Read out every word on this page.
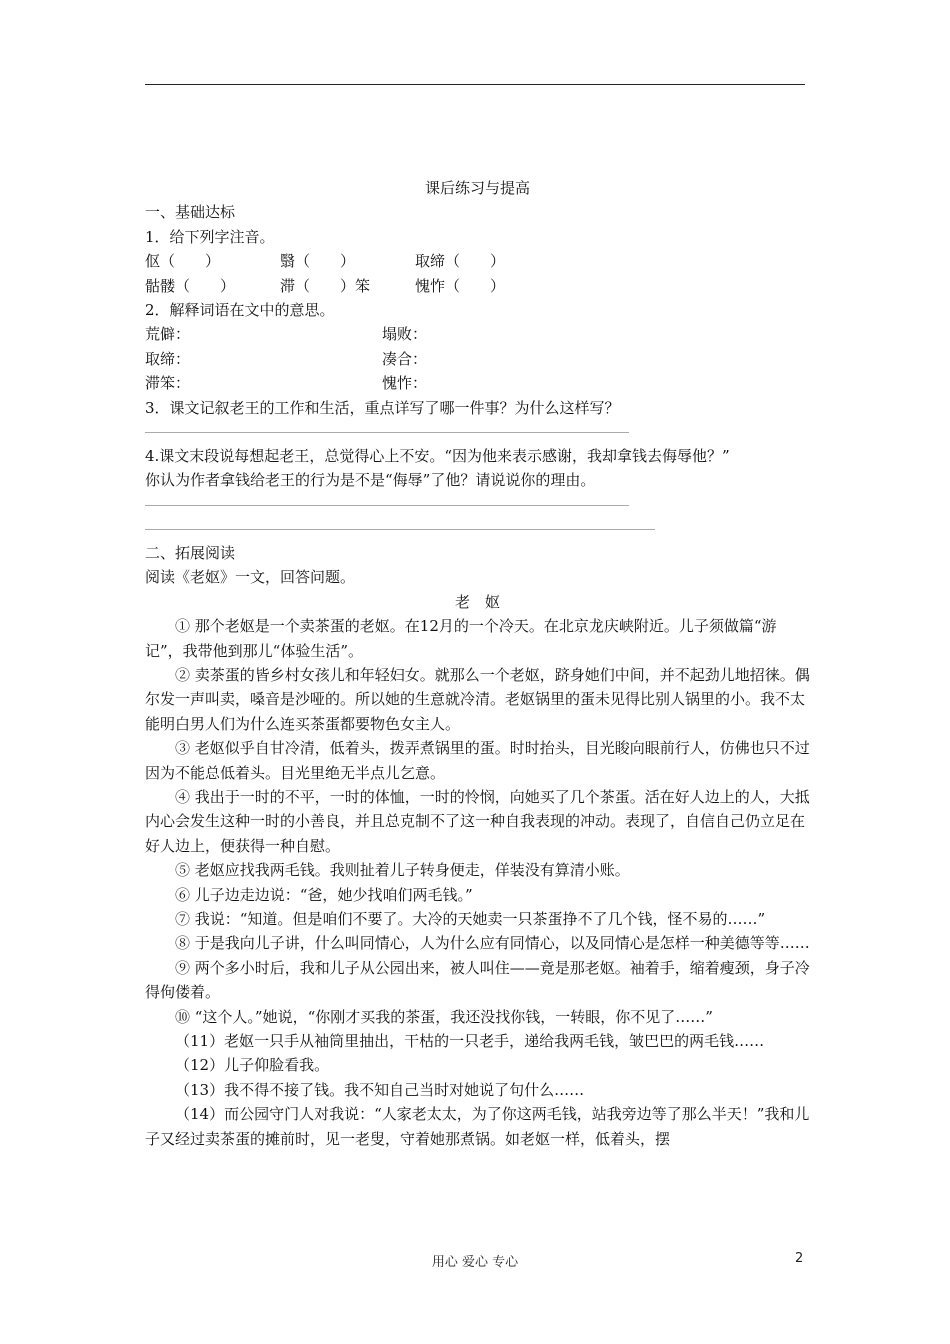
课后练习与提高
一、基础达标
1．给下列字注音。
伛（　　）	翳（　　）	取缔（　　）
骷髅（　　）	滞（　　）笨	愧怍（　　）
2．解释词语在文中的意思。
荒僻：	塌败：
取缔：	凑合：
滞笨：	愧怍：
3．课文记叙老王的工作和生活，重点详写了哪一件事？为什么这样写？
4.课文末段说每想起老王，总觉得心上不安。“因为他来表示感谢，我却拿钱去侮辱他？”
你认为作者拿钱给老王的行为是不是“侮辱”了他？请说说你的理由。
二、拓展阅读
阅读《老妪》一文，回答问题。
老　妪
① 那个老妪是一个卖茶蛋的老妪。在12月的一个冷天。在北京龙庆峡附近。儿子须做篇“游记”，我带他到那儿“体验生活”。
② 卖茶蛋的皆乡村女孩儿和年轻妇女。就那么一个老妪，跻身她们中间，并不起劲儿地招徕。偶尔发一声叫卖，嗓音是沙哑的。所以她的生意就冷清。老妪锅里的蛋未见得比别人锅里的小。我不太能明白男人们为什么连买茶蛋都要物色女主人。
③ 老妪似乎自甘冷清，低着头，拨弄煮锅里的蛋。时时抬头，目光睃向眼前行人，仿佛也只不过因为不能总低着头。目光里绝无半点儿乞意。
④ 我出于一时的不平，一时的体恤，一时的怜悯，向她买了几个茶蛋。活在好人边上的人，大抵内心会发生这种一时的小善良，并且总克制不了这一种自我表现的冲动。表现了，自信自己仍立足在好人边上，便获得一种自慰。
⑤ 老妪应找我两毛钱。我则扯着儿子转身便走，佯装没有算清小账。
⑥ 儿子边走边说：“爸，她少找咱们两毛钱。”
⑦ 我说：“知道。但是咱们不要了。大冷的天她卖一只茶蛋挣不了几个钱，怪不易的……”
⑧ 于是我向儿子讲，什么叫同情心，人为什么应有同情心，以及同情心是怎样一种美德等等……
⑨ 两个多小时后，我和儿子从公园出来，被人叫住——竟是那老妪。袖着手，缩着瘦颈，身子冷得佝偻着。
⑩ “这个人。”她说，“你刚才买我的茶蛋，我还没找你钱，一转眼，你不见了……”
（11）老妪一只手从袖筒里抽出，干枯的一只老手，递给我两毛钱，皱巴巴的两毛钱……
（12）儿子仰脸看我。
（13）我不得不接了钱。我不知自己当时对她说了句什么……
（14）而公园守门人对我说：“人家老太太，为了你这两毛钱，站我旁边等了那么半天！”我和儿子又经过卖茶蛋的摊前时，见一老叟，守着她那煮锅。如老妪一样，低着头，摆
用心 爱心 专心	2
